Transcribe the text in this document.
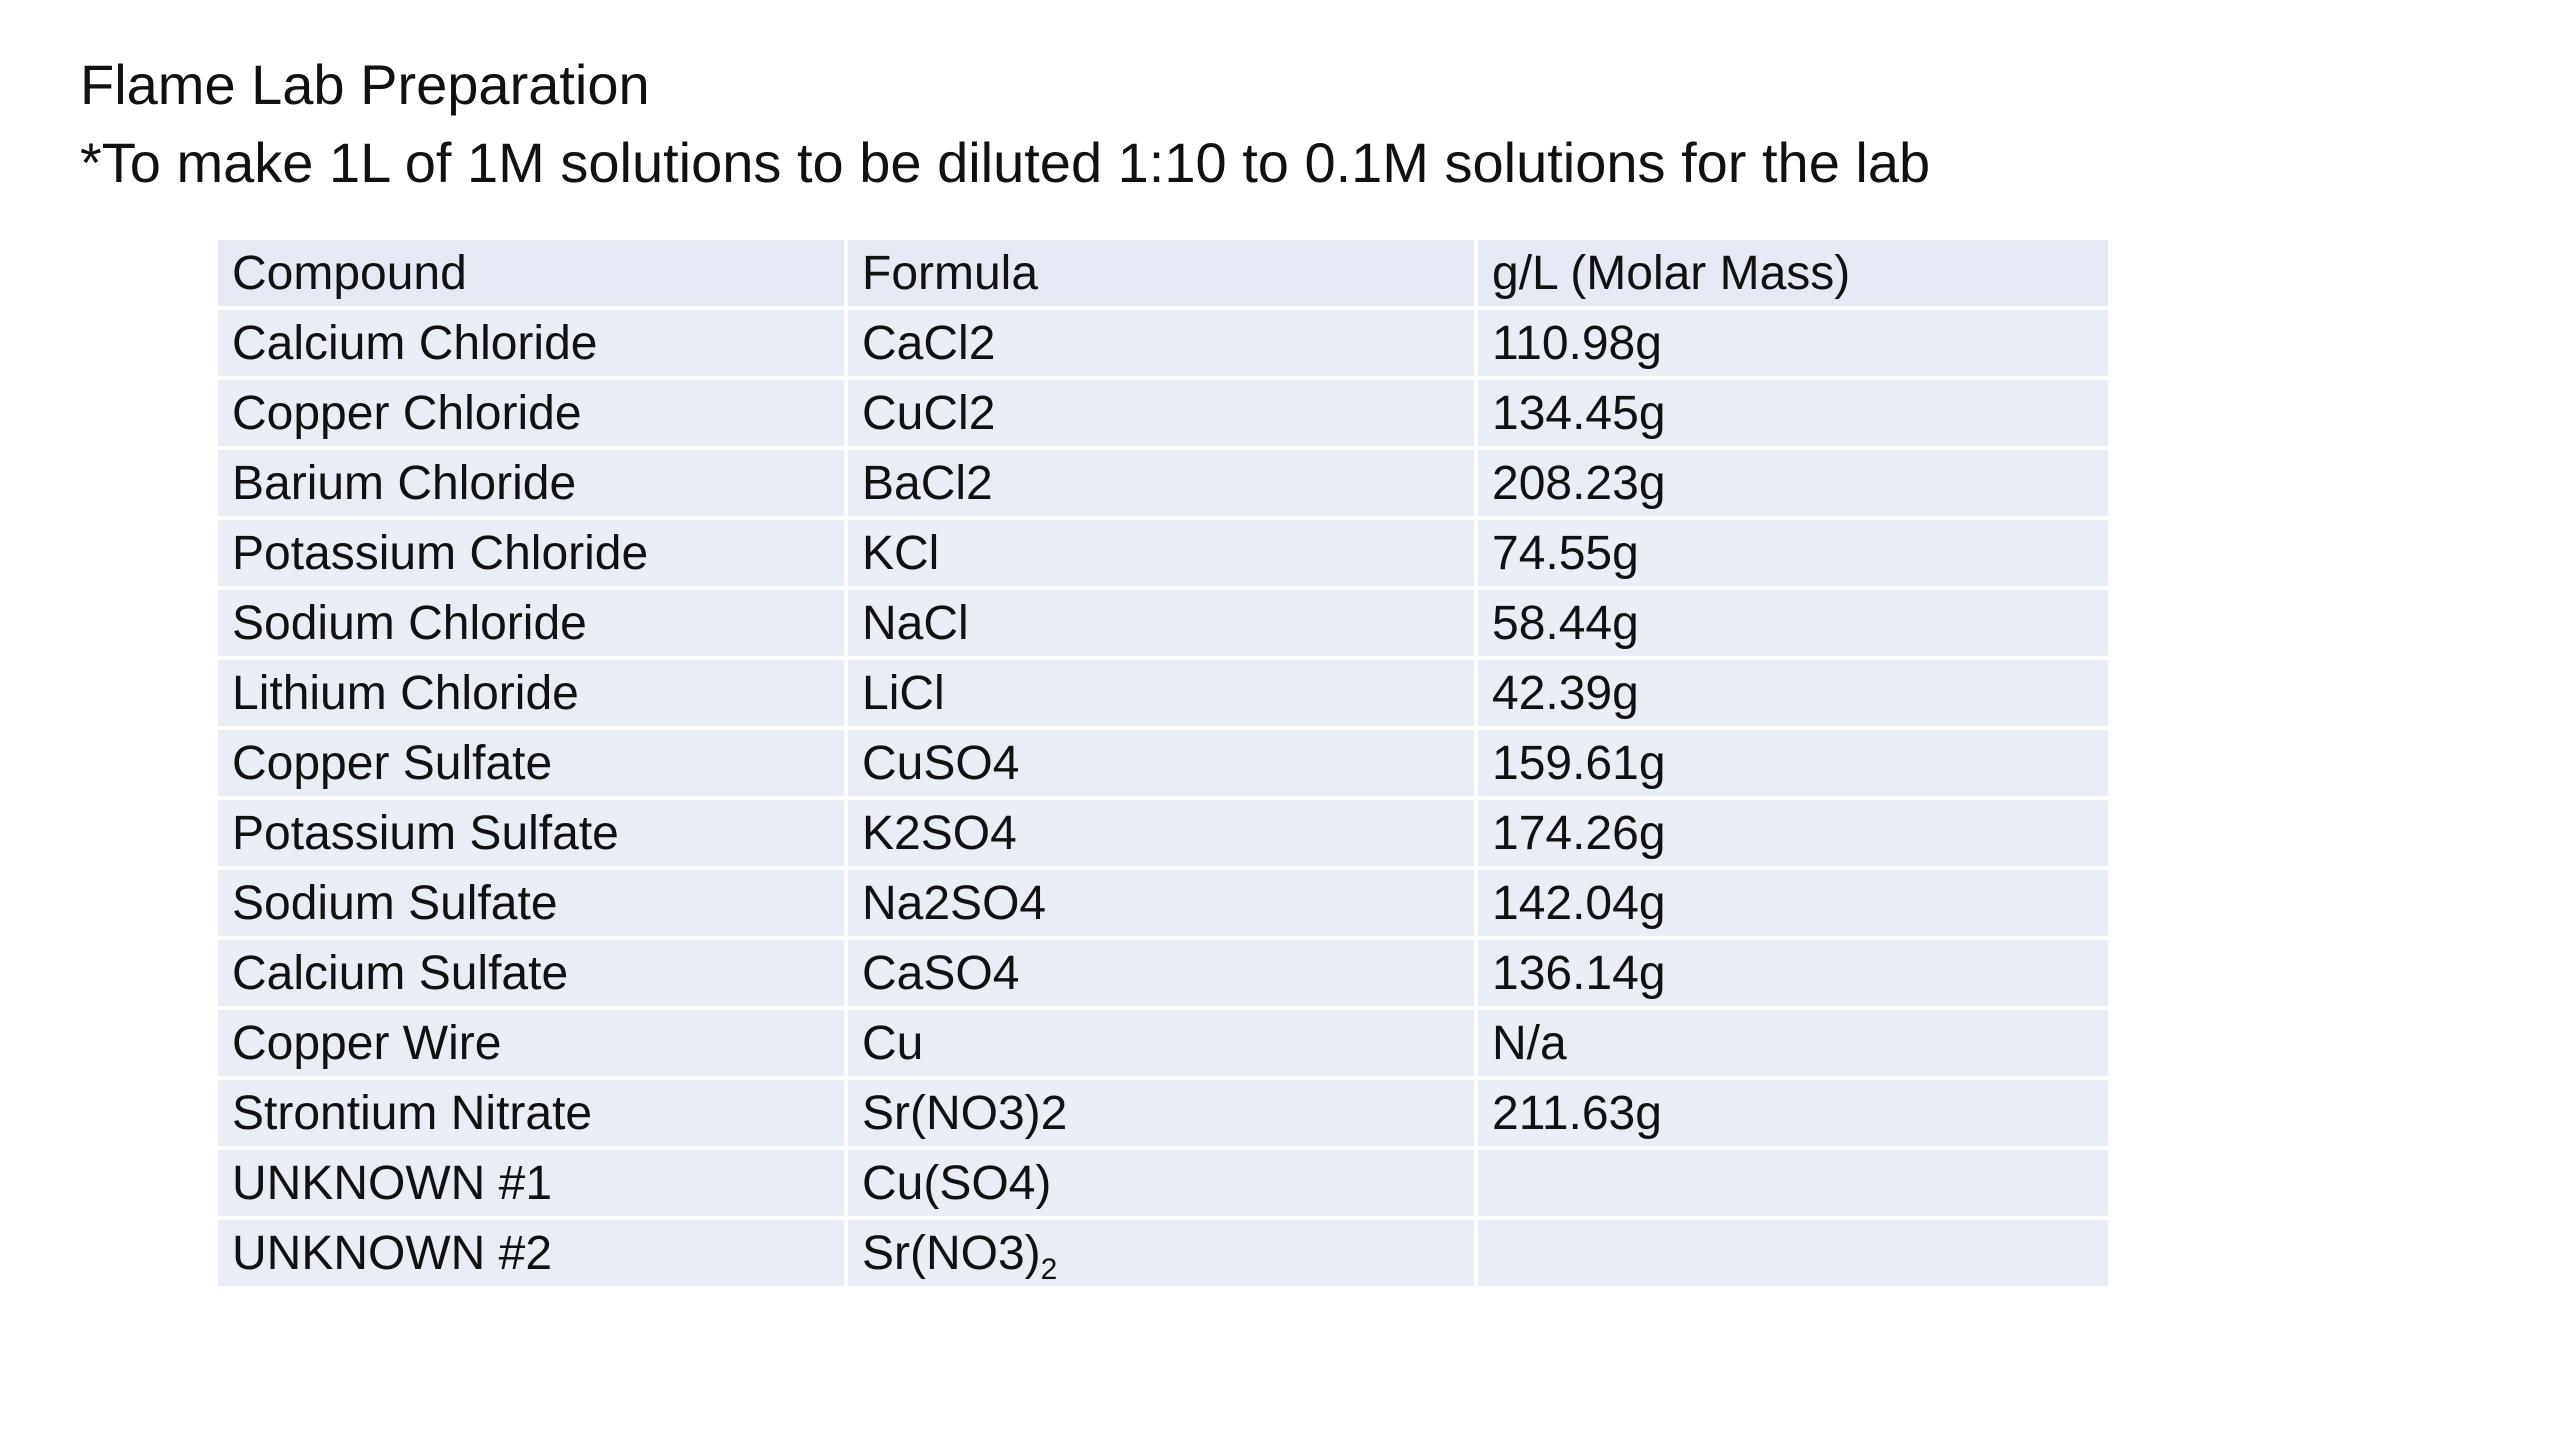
Flame Lab Preparation
*To make 1L of 1M solutions to be diluted 1:10 to 0.1M solutions for the lab
Compound	Formula	g/L (Molar Mass)
Calcium Chloride	CaCl2	110.98g
Copper Chloride	CuCl2	134.45g
Barium Chloride	BaCl2	208.23g
Potassium Chloride	KCl	74.55g
Sodium Chloride	NaCl	58.44g
Lithium Chloride	LiCl	42.39g
Copper Sulfate	CuSO4	159.61g
Potassium Sulfate	K2SO4	174.26g
Sodium Sulfate	Na2SO4	142.04g
Calcium Sulfate	CaSO4	136.14g
Copper Wire	Cu	N/a
Strontium Nitrate	Sr(NO3)2	211.63g
UNKNOWN #1	Cu(SO4)	
UNKNOWN #2	$Sr(NO3)_2$	
